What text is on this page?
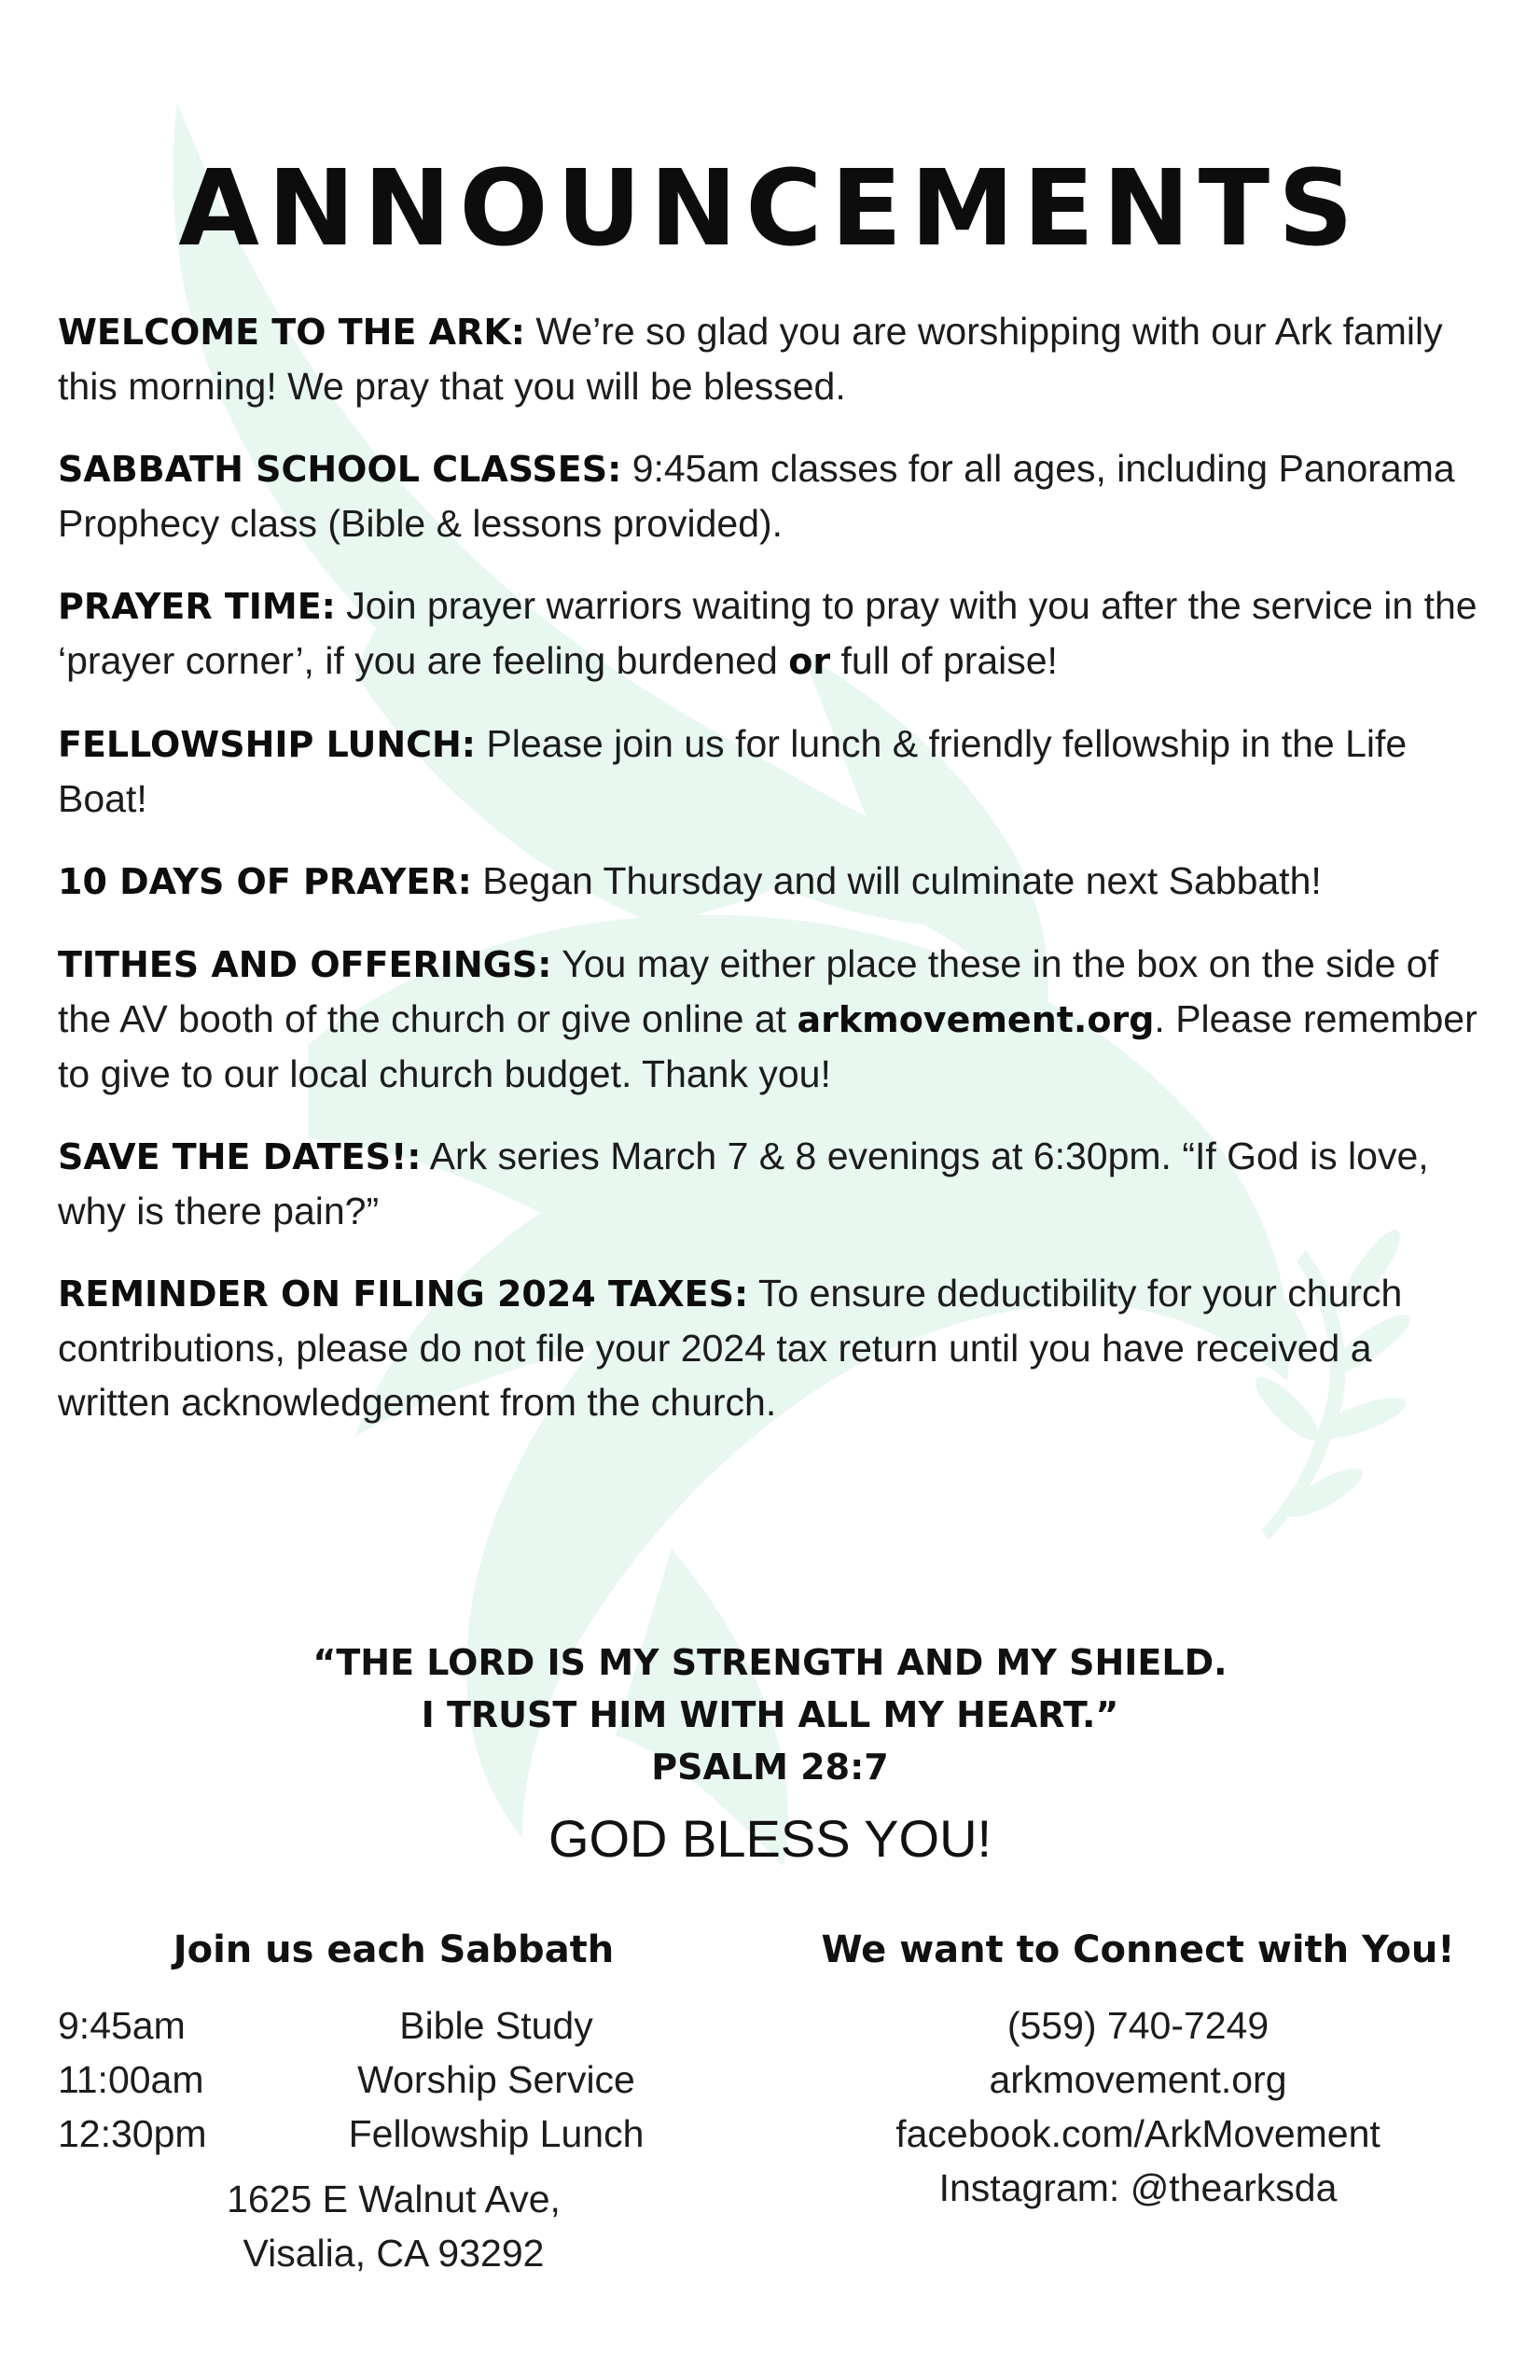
ANNOUNCEMENTS

WELCOME TO THE ARK: We’re so glad you are worshipping with our Ark family this morning! We pray that you will be blessed.

SABBATH SCHOOL CLASSES: 9:45am classes for all ages, including Panorama Prophecy class (Bible & lessons provided).

PRAYER TIME: Join prayer warriors waiting to pray with you after the service in the ‘prayer corner’, if you are feeling burdened or full of praise!

FELLOWSHIP LUNCH: Please join us for lunch & friendly fellowship in the Life Boat!

10 DAYS OF PRAYER: Began Thursday and will culminate next Sabbath!

TITHES AND OFFERINGS: You may either place these in the box on the side of the AV booth of the church or give online at arkmovement.org. Please remember to give to our local church budget. Thank you!

SAVE THE DATES!: Ark series March 7 & 8 evenings at 6:30pm. “If God is love, why is there pain?”

REMINDER ON FILING 2024 TAXES: To ensure deductibility for your church contributions, please do not file your 2024 tax return until you have received a written acknowledgement from the church.

“THE LORD IS MY STRENGTH AND MY SHIELD.
I TRUST HIM WITH ALL MY HEART.”
PSALM 28:7
GOD BLESS YOU!
Join us each Sabbath
9:45am	Bible Study
11:00am	Worship Service
12:30pm	Fellowship Lunch
1625 E Walnut Ave,
Visalia, CA 93292
We want to Connect with You!
(559) 740-7249
arkmovement.org
facebook.com/ArkMovement
Instagram: @thearksda
